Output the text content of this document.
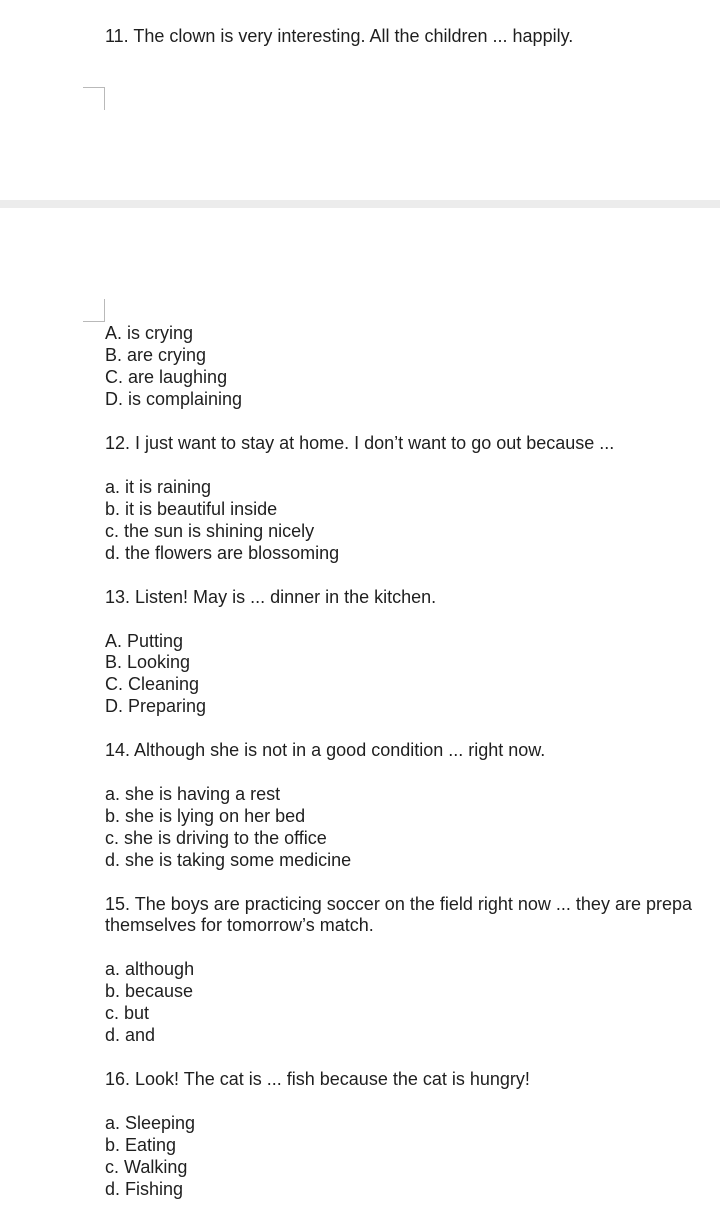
11. The clown is very interesting. All the children ... happily.
A. is crying
B. are crying
C. are laughing
D. is complaining
12. I just want to stay at home. I don’t want to go out because ...
a. it is raining
b. it is beautiful inside
c. the sun is shining nicely
d. the flowers are blossoming
13. Listen! May is ... dinner in the kitchen.
A. Putting
B. Looking
C. Cleaning
D. Preparing
14. Although she is not in a good condition ... right now.
a. she is having a rest
b. she is lying on her bed
c. she is driving to the office
d. she is taking some medicine
15. The boys are practicing soccer on the field right now ... they are prepa
themselves for tomorrow’s match.
a. although
b. because
c. but
d. and
16. Look! The cat is ... fish because the cat is hungry!
a. Sleeping
b. Eating
c. Walking
d. Fishing
